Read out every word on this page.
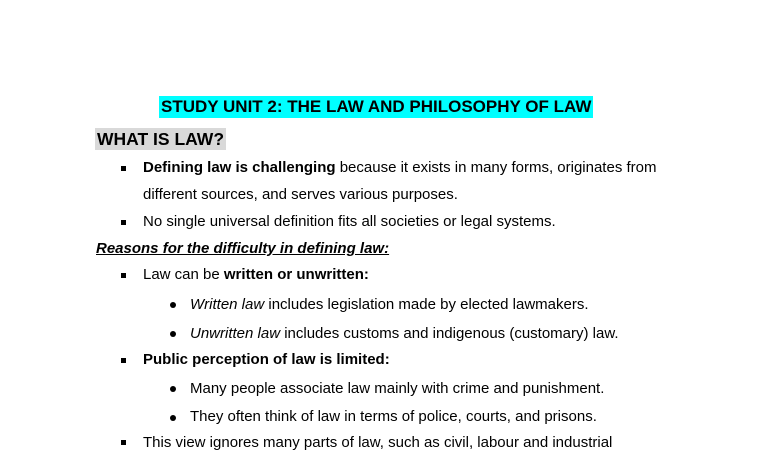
STUDY UNIT 2: THE LAW AND PHILOSOPHY OF LAW
WHAT IS LAW?
Defining law is challenging because it exists in many forms, originates from
different sources, and serves various purposes.
No single universal definition fits all societies or legal systems.
Reasons for the difficulty in defining law:
Law can be written or unwritten:
Written law includes legislation made by elected lawmakers.
Unwritten law includes customs and indigenous (customary) law.
Public perception of law is limited:
Many people associate law mainly with crime and punishment.
They often think of law in terms of police, courts, and prisons.
This view ignores many parts of law, such as civil, labour and industrial
